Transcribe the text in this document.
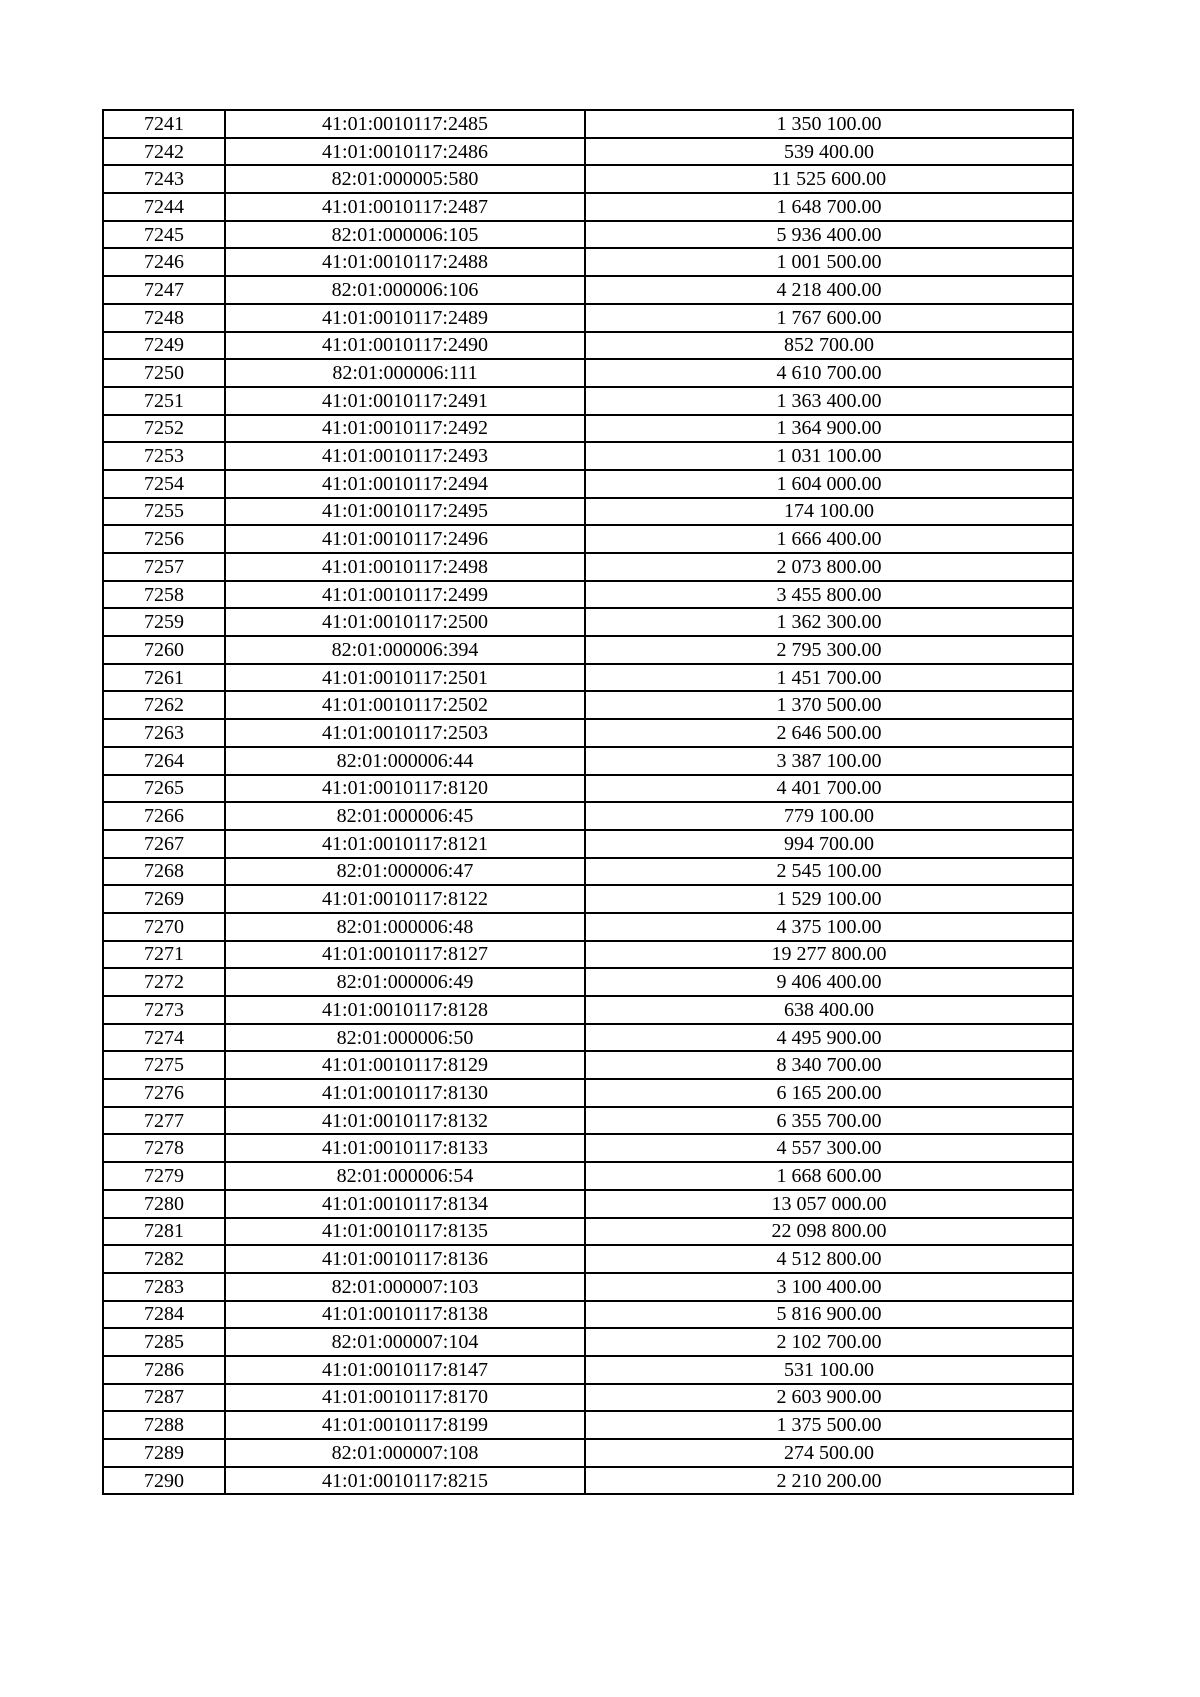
7241	41:01:0010117:2485	1 350 100.00
7242	41:01:0010117:2486	539 400.00
7243	82:01:000005:580	11 525 600.00
7244	41:01:0010117:2487	1 648 700.00
7245	82:01:000006:105	5 936 400.00
7246	41:01:0010117:2488	1 001 500.00
7247	82:01:000006:106	4 218 400.00
7248	41:01:0010117:2489	1 767 600.00
7249	41:01:0010117:2490	852 700.00
7250	82:01:000006:111	4 610 700.00
7251	41:01:0010117:2491	1 363 400.00
7252	41:01:0010117:2492	1 364 900.00
7253	41:01:0010117:2493	1 031 100.00
7254	41:01:0010117:2494	1 604 000.00
7255	41:01:0010117:2495	174 100.00
7256	41:01:0010117:2496	1 666 400.00
7257	41:01:0010117:2498	2 073 800.00
7258	41:01:0010117:2499	3 455 800.00
7259	41:01:0010117:2500	1 362 300.00
7260	82:01:000006:394	2 795 300.00
7261	41:01:0010117:2501	1 451 700.00
7262	41:01:0010117:2502	1 370 500.00
7263	41:01:0010117:2503	2 646 500.00
7264	82:01:000006:44	3 387 100.00
7265	41:01:0010117:8120	4 401 700.00
7266	82:01:000006:45	779 100.00
7267	41:01:0010117:8121	994 700.00
7268	82:01:000006:47	2 545 100.00
7269	41:01:0010117:8122	1 529 100.00
7270	82:01:000006:48	4 375 100.00
7271	41:01:0010117:8127	19 277 800.00
7272	82:01:000006:49	9 406 400.00
7273	41:01:0010117:8128	638 400.00
7274	82:01:000006:50	4 495 900.00
7275	41:01:0010117:8129	8 340 700.00
7276	41:01:0010117:8130	6 165 200.00
7277	41:01:0010117:8132	6 355 700.00
7278	41:01:0010117:8133	4 557 300.00
7279	82:01:000006:54	1 668 600.00
7280	41:01:0010117:8134	13 057 000.00
7281	41:01:0010117:8135	22 098 800.00
7282	41:01:0010117:8136	4 512 800.00
7283	82:01:000007:103	3 100 400.00
7284	41:01:0010117:8138	5 816 900.00
7285	82:01:000007:104	2 102 700.00
7286	41:01:0010117:8147	531 100.00
7287	41:01:0010117:8170	2 603 900.00
7288	41:01:0010117:8199	1 375 500.00
7289	82:01:000007:108	274 500.00
7290	41:01:0010117:8215	2 210 200.00
